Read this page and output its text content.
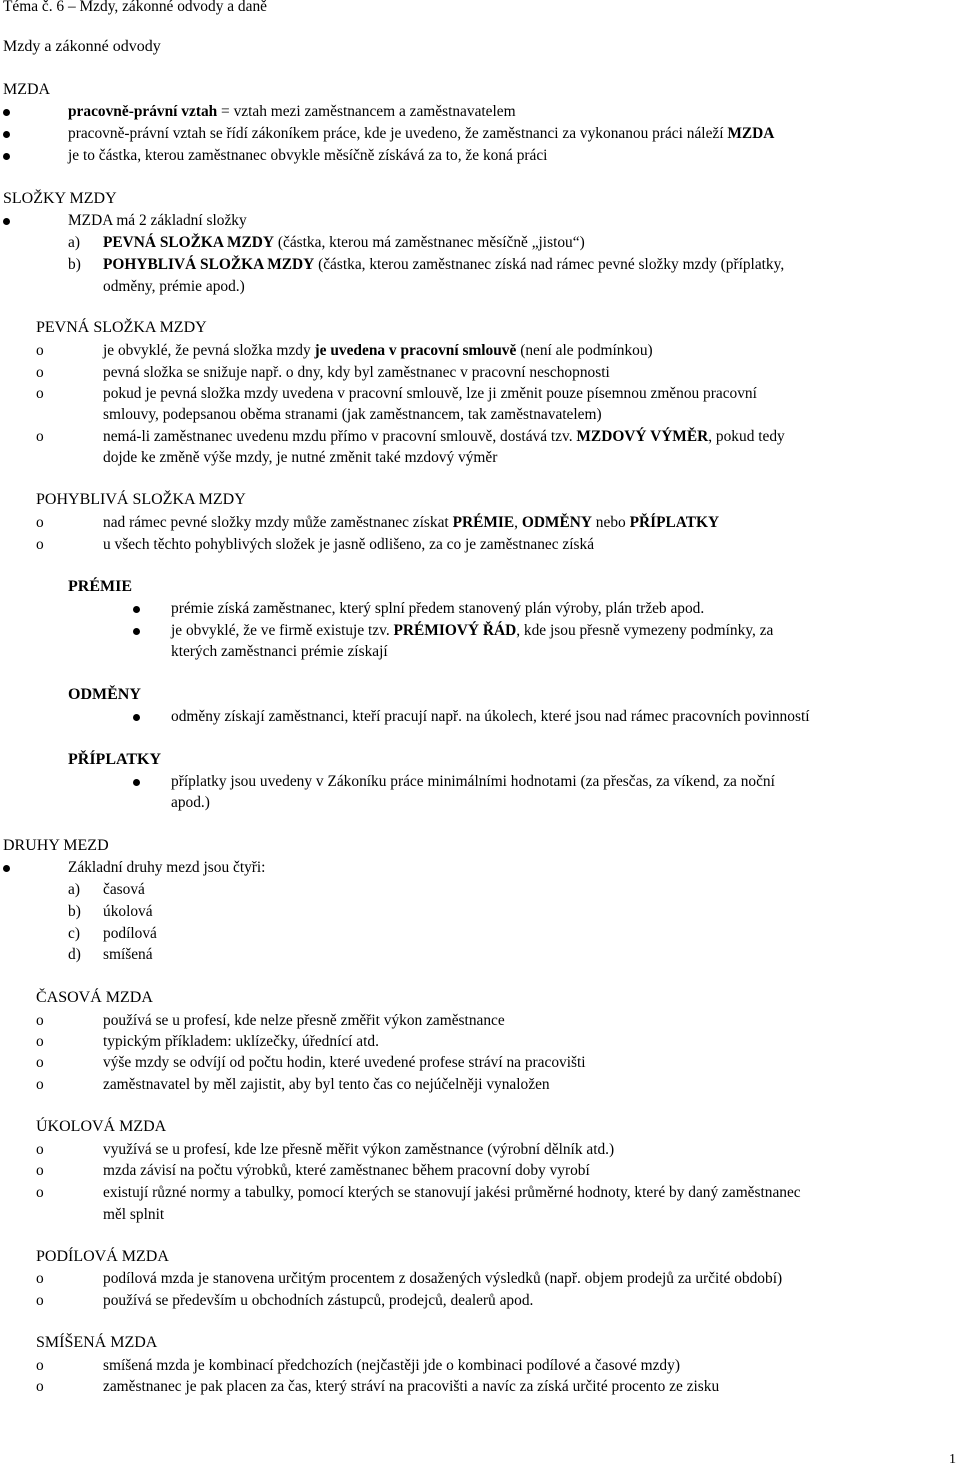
Téma č. 6 – Mzdy, zákonné odvody a daně
Mzdy a zákonné odvody
MZDA
pracovně-právní vztah = vztah mezi zaměstnancem a zaměstnavatelem
pracovně-právní vztah se řídí zákoníkem práce, kde je uvedeno, že zaměstnanci za vykonanou práci náleží MZDA
je to částka, kterou zaměstnanec obvykle měsíčně získává za to, že koná práci
SLOŽKY MZDY
MZDA má 2 základní složky
a) PEVNÁ SLOŽKA MZDY (částka, kterou má zaměstnanec měsíčně „jistou“)
b) POHYBLIVÁ SLOŽKA MZDY (částka, kterou zaměstnanec získá nad rámec pevné složky mzdy (příplatky,
odměny, prémie apod.)
PEVNÁ SLOŽKA MZDY
o	je obvyklé, že pevná složka mzdy je uvedena v pracovní smlouvě (není ale podmínkou)
o	pevná složka se snižuje např. o dny, kdy byl zaměstnanec v pracovní neschopnosti
o	pokud je pevná složka mzdy uvedena v pracovní smlouvě, lze ji změnit pouze písemnou změnou pracovní
smlouvy, podepsanou oběma stranami (jak zaměstnancem, tak zaměstnavatelem)
o	nemá-li zaměstnanec uvedenu mzdu přímo v pracovní smlouvě, dostává tzv. MZDOVÝ VÝMĚR, pokud tedy
dojde ke změně výše mzdy, je nutné změnit také mzdový výměr
POHYBLIVÁ SLOŽKA MZDY
o	nad rámec pevné složky mzdy může zaměstnanec získat PRÉMIE, ODMĚNY nebo PŘÍPLATKY
o	u všech těchto pohyblivých složek je jasně odlišeno, za co je zaměstnanec získá
PRÉMIE
prémie získá zaměstnanec, který splní předem stanovený plán výroby, plán tržeb apod.
je obvyklé, že ve firmě existuje tzv. PRÉMIOVÝ ŘÁD, kde jsou přesně vymezeny podmínky, za
kterých zaměstnanci prémie získají
ODMĚNY
odměny získají zaměstnanci, kteří pracují např. na úkolech, které jsou nad rámec pracovních povinností
PŘÍPLATKY
příplatky jsou uvedeny v Zákoníku práce minimálními hodnotami (za přesčas, za víkend, za noční
apod.)
DRUHY MEZD
Základní druhy mezd jsou čtyři:
a) časová
b) úkolová
c) podílová
d) smíšená
ČASOVÁ MZDA
o	používá se u profesí, kde nelze přesně změřit výkon zaměstnance
o	typickým příkladem: uklízečky, úřednící atd.
o	výše mzdy se odvíjí od počtu hodin, které uvedené profese stráví na pracovišti
o	zaměstnavatel by měl zajistit, aby byl tento čas co nejúčelněji vynaložen
ÚKOLOVÁ MZDA
o	využívá se u profesí, kde lze přesně měřit výkon zaměstnance (výrobní dělník atd.)
o	mzda závisí na počtu výrobků, které zaměstnanec během pracovní doby vyrobí
o	existují různé normy a tabulky, pomocí kterých se stanovují jakési průměrné hodnoty, které by daný zaměstnanec
měl splnit
PODÍLOVÁ MZDA
o	podílová mzda je stanovena určitým procentem z dosažených výsledků (např. objem prodejů za určité období)
o	používá se především u obchodních zástupců, prodejců, dealerů apod.
SMÍŠENÁ MZDA
o	smíšená mzda je kombinací předchozích (nejčastěji jde o kombinaci podílové a časové mzdy)
o	zaměstnanec je pak placen za čas, který stráví na pracovišti a navíc za získá určité procento ze zisku
1
